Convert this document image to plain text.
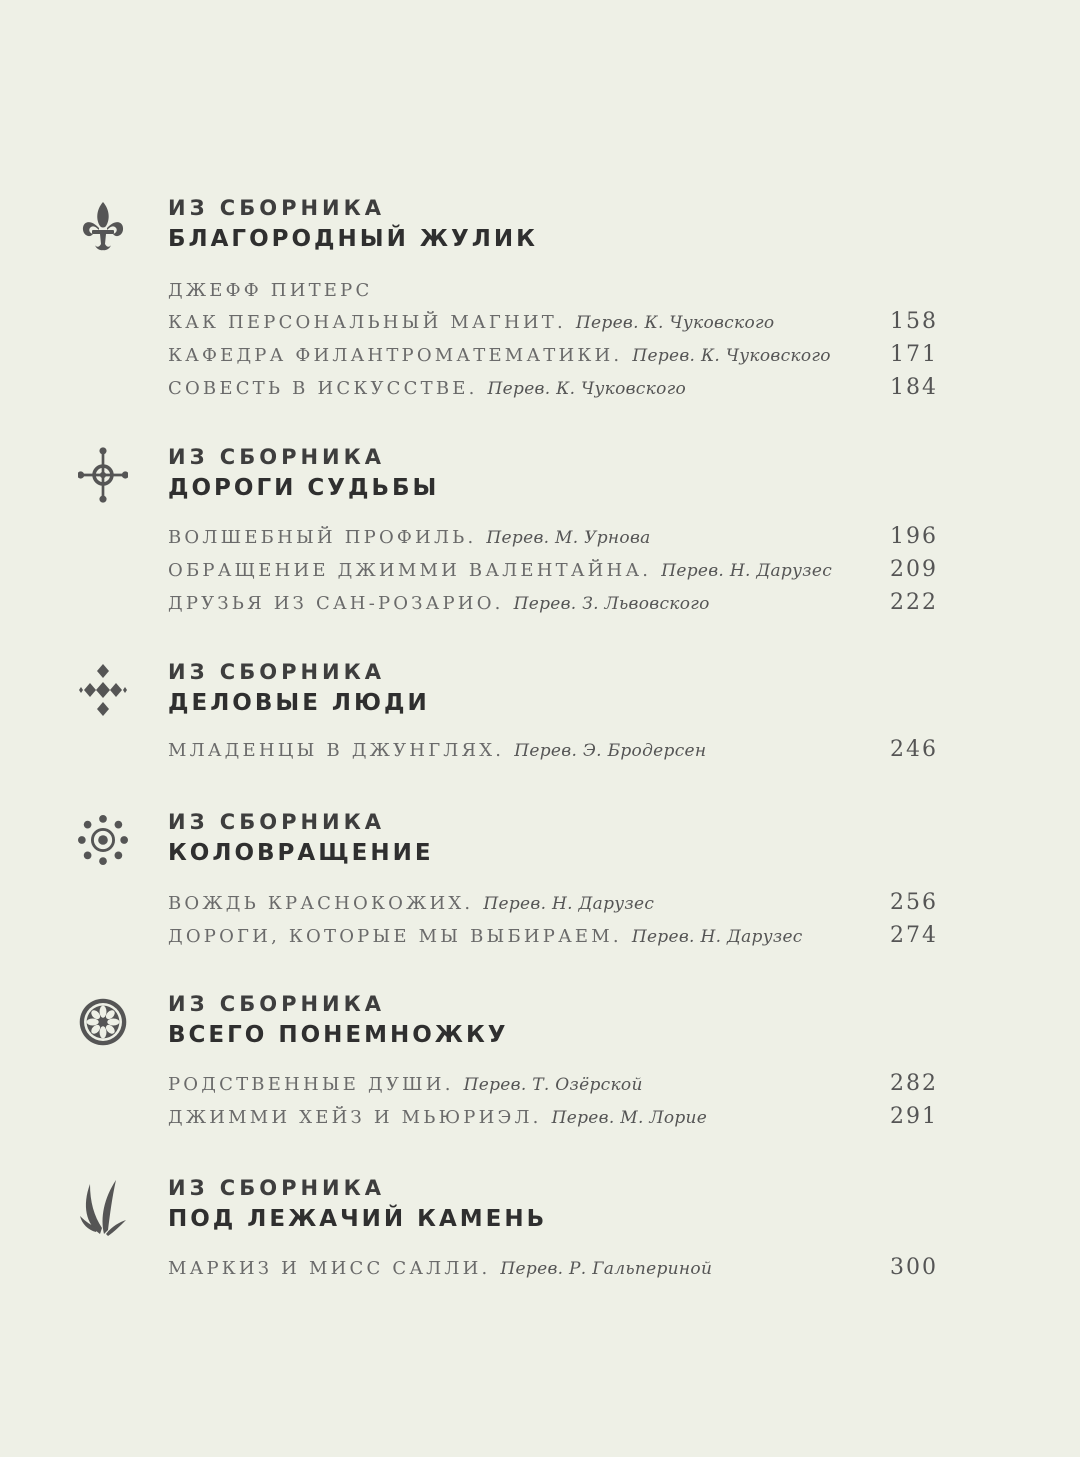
ИЗ СБОРНИКА
БЛАГОРОДНЫЙ ЖУЛИК
ДЖЕФФ ПИТЕРС
КАК ПЕРСОНАЛЬНЫЙ МАГНИТ. Перев. К. Чуковского	158
КАФЕДРА ФИЛАНТРОМАТЕМАТИКИ. Перев. К. Чуковского	171
СОВЕСТЬ В ИСКУССТВЕ. Перев. К. Чуковского	184
ИЗ СБОРНИКА
ДОРОГИ СУДЬБЫ
ВОЛШЕБНЫЙ ПРОФИЛЬ. Перев. М. Урнова	196
ОБРАЩЕНИЕ ДЖИММИ ВАЛЕНТАЙНА. Перев. Н. Дарузес	209
ДРУЗЬЯ ИЗ САН-РОЗАРИО. Перев. З. Львовского	222
ИЗ СБОРНИКА
ДЕЛОВЫЕ ЛЮДИ
МЛАДЕНЦЫ В ДЖУНГЛЯХ. Перев. Э. Бродерсен	246
ИЗ СБОРНИКА
КОЛОВРАЩЕНИЕ
ВОЖДЬ КРАСНОКОЖИХ. Перев. Н. Дарузес	256
ДОРОГИ, КОТОРЫЕ МЫ ВЫБИРАЕМ. Перев. Н. Дарузес	274
ИЗ СБОРНИКА
ВСЕГО ПОНЕМНОЖКУ
РОДСТВЕННЫЕ ДУШИ. Перев. Т. Озёрской	282
ДЖИММИ ХЕЙЗ И МЬЮРИЭЛ. Перев. М. Лорие	291
ИЗ СБОРНИКА
ПОД ЛЕЖАЧИЙ КАМЕНЬ
МАРКИЗ И МИСС САЛЛИ. Перев. Р. Гальпериной	300
